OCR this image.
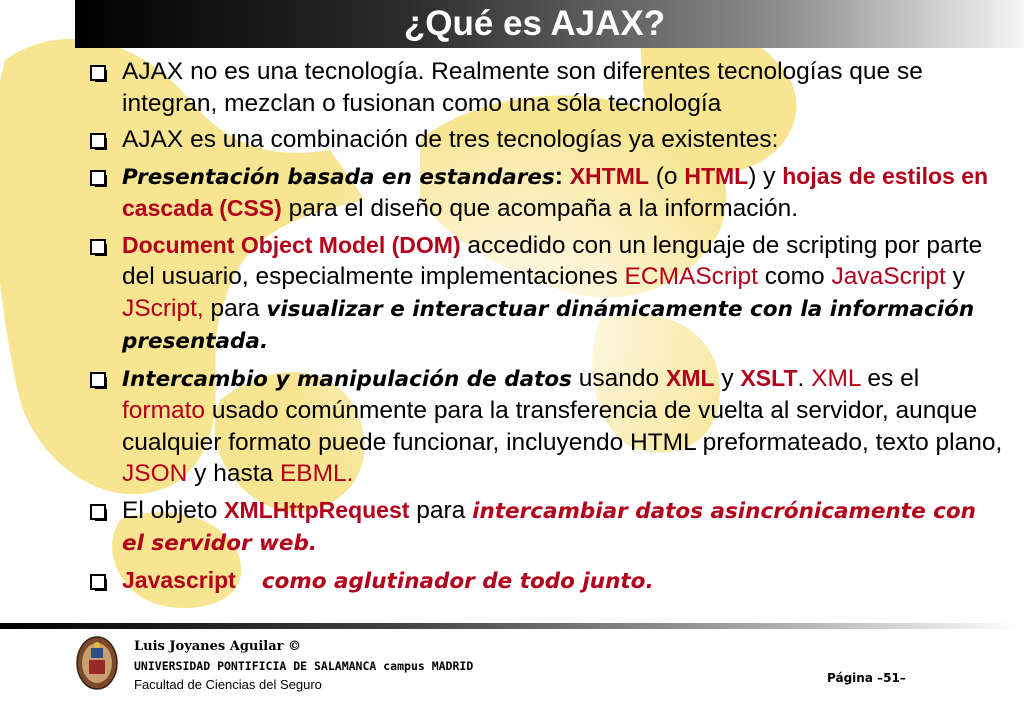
¿Qué es AJAX?
AJAX no es una tecnología. Realmente son diferentes tecnologías que se integran, mezclan o fusionan como una sóla tecnología
AJAX es una combinación de tres tecnologías ya existentes:
Presentación basada en estandares: XHTML (o HTML) y hojas de estilos en cascada (CSS) para el diseño que acompaña a la información.
Document Object Model (DOM) accedido con un lenguaje de scripting por parte del usuario, especialmente implementaciones ECMAScript como JavaScript y JScript, para visualizar e interactuar dinámicamente con la información presentada.
Intercambio y manipulación de datos usando XML y XSLT. XML es el formato usado comúnmente para la transferencia de vuelta al servidor, aunque cualquier formato puede funcionar, incluyendo HTML preformateado, texto plano, JSON y hasta EBML.
El objeto XMLHttpRequest para intercambiar datos asincrónicamente con el servidor web.
Javascript como aglutinador de todo junto.
Luis Joyanes Aguilar ©
UNIVERSIDAD PONTIFICIA DE SALAMANCA campus MADRID
Facultad de Ciencias del Seguro	Página –51–
